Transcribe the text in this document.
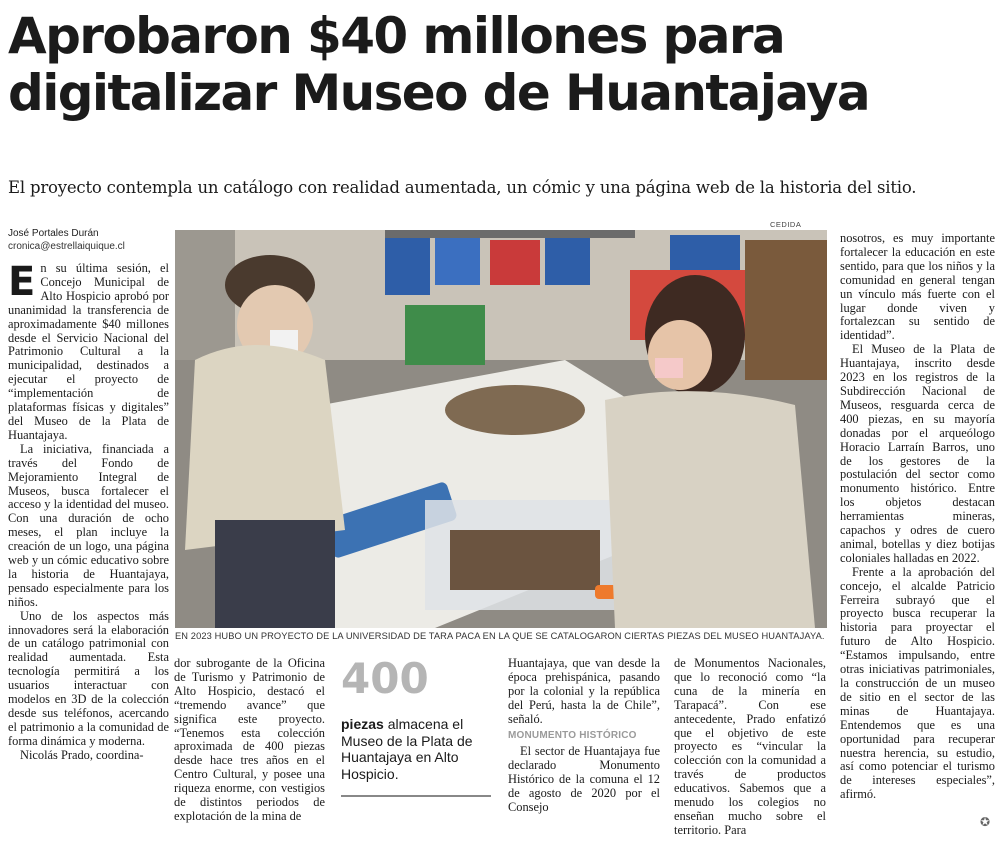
Aprobaron $40 millones para digitalizar Museo de Huantajaya

El proyecto contempla un catálogo con realidad aumentada, un cómic y una página web de la historia del sitio.

José Portales Durán
cronica@estrellaiquique.cl

En su última sesión, el Concejo Municipal de Alto Hospicio aprobó por unanimidad la transferencia de aproximadamente $40 millones desde el Servicio Nacional del Patrimonio Cultural a la municipalidad, destinados a ejecutar el proyecto de “implementación de plataformas físicas y digitales” del Museo de la Plata de Huantajaya.

La iniciativa, financiada a través del Fondo de Mejoramiento Integral de Museos, busca fortalecer el acceso y la identidad del museo. Con una duración de ocho meses, el plan incluye la creación de un logo, una página web y un cómic educativo sobre la historia de Huantajaya, pensado especialmente para los niños.

Uno de los aspectos más innovadores será la elaboración de un catálogo patrimonial con realidad aumentada. Esta tecnología permitirá a los usuarios interactuar con modelos en 3D de la colección desde sus teléfonos, acercando el patrimonio a la comunidad de forma dinámica y moderna.

Nicolás Prado, coordina-

CEDIDA
EN 2023 HUBO UN PROYECTO DE LA UNIVERSIDAD DE TARA PACA EN LA QUE SE CATALOGARON CIERTAS PIEZAS DEL MUSEO HUANTAJAYA.
400
piezas almacena el Museo de la Plata de Huantajaya en Alto Hospicio.

dor subrogante de la Oficina de Turismo y Patrimonio de Alto Hospicio, destacó el “tremendo avance” que significa este proyecto. “Tenemos esta colección aproximada de 400 piezas desde hace tres años en el Centro Cultural, y posee una riqueza enorme, con vestigios de distintos periodos de explotación de la mina de

Huantajaya, que van desde la época prehispánica, pasando por la colonial y la república del Perú, hasta la de Chile”, señaló.

MONUMENTO HISTÓRICO

El sector de Huantajaya fue declarado Monumento Histórico de la comuna el 12 de agosto de 2020 por el Consejo

de Monumentos Nacionales, que lo reconoció como “la cuna de la minería en Tarapacá”. Con ese antecedente, Prado enfatizó que el objetivo de este proyecto es “vincular la colección con la comunidad a través de productos educativos. Sabemos que a menudo los colegios no enseñan mucho sobre el territorio. Para

nosotros, es muy importante fortalecer la educación en este sentido, para que los niños y la comunidad en general tengan un vínculo más fuerte con el lugar donde viven y fortalezcan su sentido de identidad”.

El Museo de la Plata de Huantajaya, inscrito desde 2023 en los registros de la Subdirección Nacional de Museos, resguarda cerca de 400 piezas, en su mayoría donadas por el arqueólogo Horacio Larraín Barros, uno de los gestores de la postulación del sector como monumento histórico. Entre los objetos destacan herramientas mineras, capachos y odres de cuero animal, botellas y diez botijas coloniales halladas en 2022.

Frente a la aprobación del concejo, el alcalde Patricio Ferreira subrayó que el proyecto busca recuperar la historia para proyectar el futuro de Alto Hospicio. “Estamos impulsando, entre otras iniciativas patrimoniales, la construcción de un museo de sitio en el sector de las minas de Huantajaya. Entendemos que es una oportunidad para recuperar nuestra herencia, su estudio, así como potenciar el turismo de intereses especiales”, afirmó.

✪
